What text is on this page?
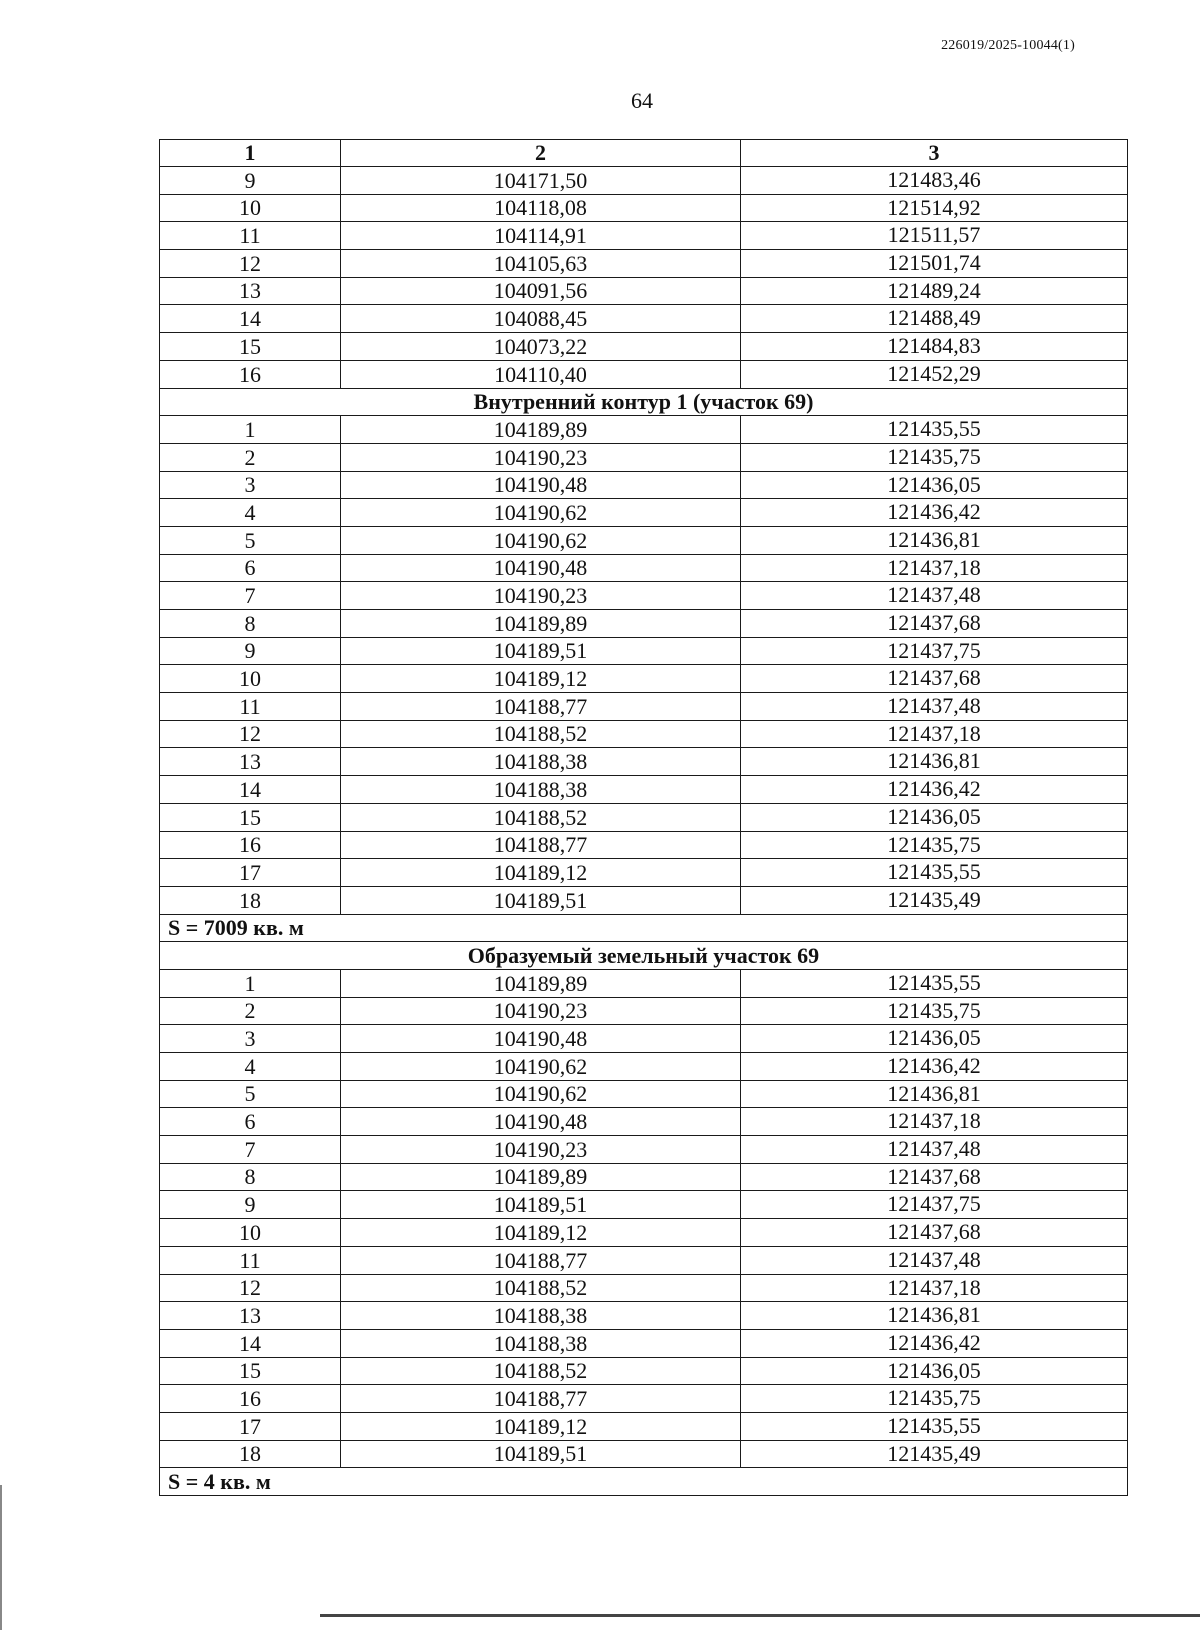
226019/2025-10044(1)
64
1	2	3
9	104171,50	121483,46
10	104118,08	121514,92
11	104114,91	121511,57
12	104105,63	121501,74
13	104091,56	121489,24
14	104088,45	121488,49
15	104073,22	121484,83
16	104110,40	121452,29
Внутренний контур 1 (участок 69)		
1	104189,89	121435,55
2	104190,23	121435,75
3	104190,48	121436,05
4	104190,62	121436,42
5	104190,62	121436,81
6	104190,48	121437,18
7	104190,23	121437,48
8	104189,89	121437,68
9	104189,51	121437,75
10	104189,12	121437,68
11	104188,77	121437,48
12	104188,52	121437,18
13	104188,38	121436,81
14	104188,38	121436,42
15	104188,52	121436,05
16	104188,77	121435,75
17	104189,12	121435,55
18	104189,51	121435,49
S = 7009 кв. м		
Образуемый земельный участок 69		
1	104189,89	121435,55
2	104190,23	121435,75
3	104190,48	121436,05
4	104190,62	121436,42
5	104190,62	121436,81
6	104190,48	121437,18
7	104190,23	121437,48
8	104189,89	121437,68
9	104189,51	121437,75
10	104189,12	121437,68
11	104188,77	121437,48
12	104188,52	121437,18
13	104188,38	121436,81
14	104188,38	121436,42
15	104188,52	121436,05
16	104188,77	121435,75
17	104189,12	121435,55
18	104189,51	121435,49
S = 4 кв. м		
